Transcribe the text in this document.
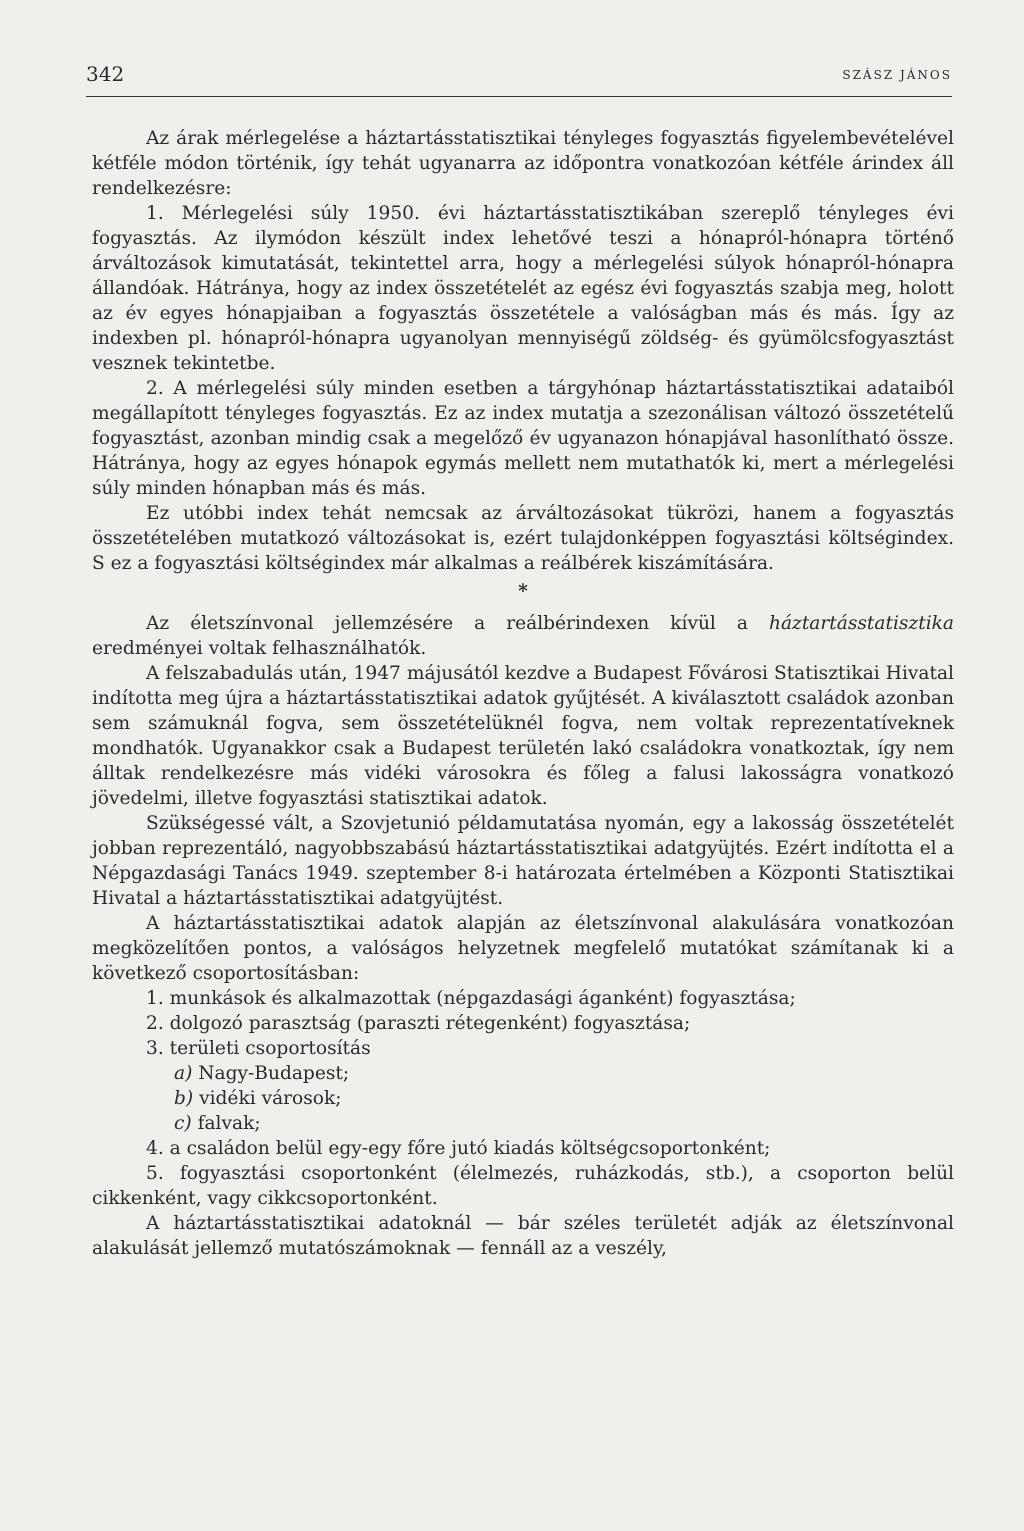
342	SZÁSZ JÁNOS

Az árak mérlegelése a háztartásstatisztikai tényleges fogyasztás figyelembevételével kétféle módon történik, így tehát ugyanarra az időpontra vonatkozóan kétféle árindex áll rendelkezésre:

1. Mérlegelési súly 1950. évi háztartásstatisztikában szereplő tényleges évi fogyasztás. Az ilymódon készült index lehetővé teszi a hónapról-hónapra történő árváltozások kimutatását, tekintettel arra, hogy a mérlegelési súlyok hónapról-hónapra állandóak. Hátránya, hogy az index összetételét az egész évi fogyasztás szabja meg, holott az év egyes hónapjaiban a fogyasztás összetétele a valóságban más és más. Így az indexben pl. hónapról-hónapra ugyanolyan mennyiségű zöldség- és gyümölcsfogyasztást vesznek tekintetbe.

2. A mérlegelési súly minden esetben a tárgyhónap háztartásstatisztikai adataiból megállapított tényleges fogyasztás. Ez az index mutatja a szezonálisan változó összetételű fogyasztást, azonban mindig csak a megelőző év ugyanazon hónapjával hasonlítható össze. Hátránya, hogy az egyes hónapok egymás mellett nem mutathatók ki, mert a mérlegelési súly minden hónapban más és más.

Ez utóbbi index tehát nemcsak az árváltozásokat tükrözi, hanem a fogyasztás összetételében mutatkozó változásokat is, ezért tulajdonképpen fogyasztási költségindex. S ez a fogyasztási költségindex már alkalmas a reálbérek kiszámítására.

*

Az életszínvonal jellemzésére a reálbérindexen kívül a háztartásstatisztika eredményei voltak felhasználhatók.

A felszabadulás után, 1947 májusától kezdve a Budapest Fővárosi Statisztikai Hivatal indította meg újra a háztartásstatisztikai adatok gyűjtését. A kiválasztott családok azonban sem számuknál fogva, sem összetételüknél fogva, nem voltak reprezentatíveknek mondhatók. Ugyanakkor csak a Budapest területén lakó családokra vonatkoztak, így nem álltak rendelkezésre más vidéki városokra és főleg a falusi lakosságra vonatkozó jövedelmi, illetve fogyasztási statisztikai adatok.

Szükségessé vált, a Szovjetunió példamutatása nyomán, egy a lakosság összetételét jobban reprezentáló, nagyobbszabású háztartásstatisztikai adatgyüjtés. Ezért indította el a Népgazdasági Tanács 1949. szeptember 8-i határozata értelmében a Központi Statisztikai Hivatal a háztartásstatisztikai adatgyüjtést.

A háztartásstatisztikai adatok alapján az életszínvonal alakulására vonatkozóan megközelítően pontos, a valóságos helyzetnek megfelelő mutatókat számítanak ki a következő csoportosításban:

1. munkások és alkalmazottak (népgazdasági áganként) fogyasztása;

2. dolgozó parasztság (paraszti rétegenként) fogyasztása;

3. területi csoportosítás

a) Nagy-Budapest;

b) vidéki városok;

c) falvak;

4. a családon belül egy-egy főre jutó kiadás költségcsoportonként;

5. fogyasztási csoportonként (élelmezés, ruházkodás, stb.), a csoporton belül cikkenként, vagy cikkcsoportonként.

A háztartásstatisztikai adatoknál — bár széles területét adják az életszínvonal alakulását jellemző mutatószámoknak — fennáll az a veszély,
